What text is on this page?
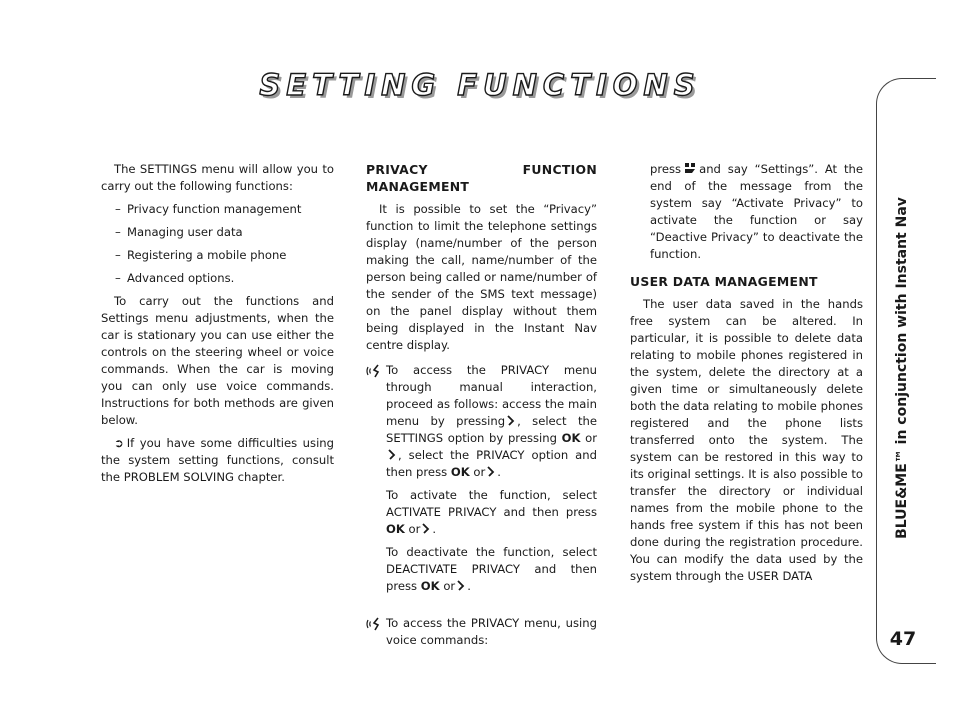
SETTING FUNCTIONS
BLUE&ME™ in conjunction with Instant Nav
47

The SETTINGS menu will allow you to carry out the following functions:

– Privacy function management
– Managing user data
– Registering a mobile phone
– Advanced options.

To carry out the functions and Settings menu adjustments, when the car is stationary you can use either the controls on the steering wheel or voice commands. When the car is moving you can only use voice commands. Instructions for both methods are given below.

➲ If you have some difficulties using the system setting functions, consult the PROBLEM SOLVING chapter.

PRIVACY FUNCTION MANAGEMENT

It is possible to set the “Privacy” function to limit the telephone settings display (name/number of the person making the call, name/number of the person being called or name/number of the sender of the SMS text message) on the panel display without them being displayed in the Instant Nav centre display.

To access the PRIVACY menu through manual interaction, proceed as follows: access the main menu by pressing , select the SETTINGS option by pressing OK or, select the PRIVACY option and then press OK or .

To activate the function, select ACTIVATE PRIVACY and then press OK or .

To deactivate the function, select DEACTIVATE PRIVACY and then press OK or .

To access the PRIVACY menu, using voice commands:

press and say “Settings”. At the end of the message from the system say “Activate Privacy” to activate the function or say “Deactive Privacy” to deactivate the function.

USER DATA MANAGEMENT

The user data saved in the hands free system can be altered. In particular, it is possible to delete data relating to mobile phones registered in the system, delete the directory at a given time or simultaneously delete both the data relating to mobile phones registered and the phone lists transferred onto the system. The system can be restored in this way to its original settings. It is also possible to transfer the directory or individual names from the mobile phone to the hands free system if this has not been done during the registration procedure. You can modify the data used by the system through the USER DATA
